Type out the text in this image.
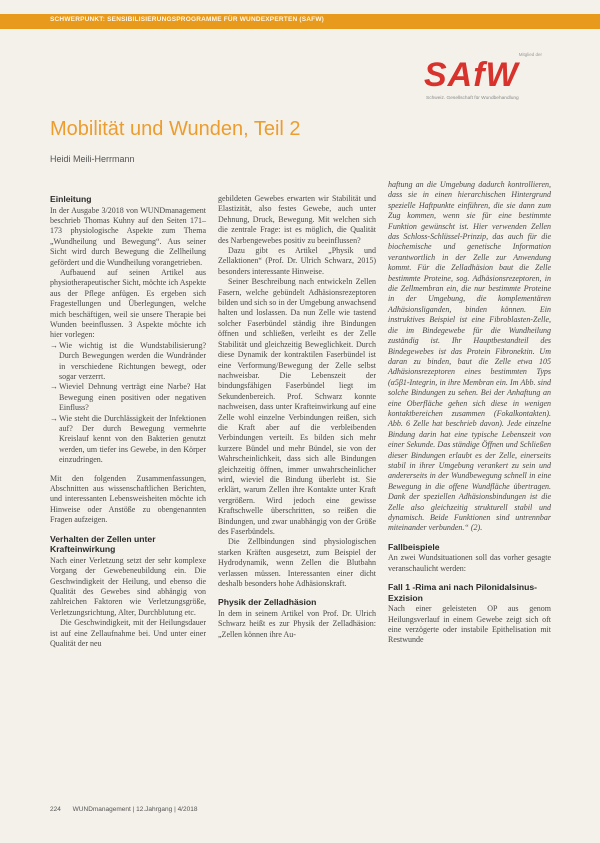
SCHWERPUNKT: SENSIBILISIERUNGSPROGRAMME FÜR WUNDEXPERTEN (SAFW)
Mitglied der
SAfW
Schweiz. Gesellschaft für Wundbehandlung
Mobilität und Wunden, Teil 2
Heidi Meili-Herrmann
Einleitung

In der Ausgabe 3/2018 von WUNDmanagement beschrieb Thomas Kuhny auf den Seiten 171–173 physiologische Aspekte zum Thema „Wundheilung und Bewegung“. Aus seiner Sicht wird durch Bewegung die Zellheilung gefördert und die Wundheilung vorangetrieben.

Aufbauend auf seinen Artikel aus physiotherapeutischer Sicht, möchte ich Aspekte aus der Pflege anfügen. Es ergeben sich Fragestellungen und Überlegungen, welche mich beschäftigen, weil sie unsere Therapie bei Wunden beeinflussen. 3 Aspekte möchte ich hier vorlegen:

→ Wie wichtig ist die Wundstabilisierung? Durch Bewegungen werden die Wundränder in verschiedene Richtungen bewegt, oder sogar verzerrt.
→ Wieviel Dehnung verträgt eine Narbe? Hat Bewegung einen positiven oder negativen Einfluss?
→ Wie steht die Durchlässigkeit der Infektionen auf? Der durch Bewegung vermehrte Kreislauf kennt von den Bakterien genutzt werden, um tiefer ins Gewebe, in den Körper einzudringen.

Mit den folgenden Zusammenfassungen, Abschnitten aus wissenschaftlichen Berichten, und interessanten Lebensweisheiten möchte ich Hinweise oder Anstöße zu obengenannten Fragen aufzeigen.

Verhalten der Zellen unter Krafteinwirkung

Nach einer Verletzung setzt der sehr komplexe Vorgang der Gewebeneubildung ein. Die Geschwindigkeit der Heilung, und ebenso die Qualität des Gewebes sind abhängig von zahlreichen Faktoren wie Verletzungsgröße, Verletzungsrichtung, Alter, Durchblutung etc.

Die Geschwindigkeit, mit der Heilungsdauer ist auf eine Zellaufnahme bei. Und unter einer Qualität der neu

gebildeten Gewebes erwarten wir Stabilität und Elastizität, also festes Gewebe, auch unter Dehnung, Druck, Bewegung. Mit welchen sich die zentrale Frage: ist es möglich, die Qualität des Narbengewebes positiv zu beeinflussen?

Dazu gibt es Artikel „Physik und Zellaktionen“ (Prof. Dr. Ulrich Schwarz, 2015) besonders interessante Hinweise.

Seiner Beschreibung nach entwickeln Zellen Fasern, welche gebündelt Adhäsionsrezeptoren bilden und sich so in der Umgebung anwachsend halten und loslassen. Da nun Zelle wie tastend solcher Faserbündel ständig ihre Bindungen öffnen und schließen, verleiht es der Zelle Stabilität und gleichzeitig Beweglichkeit. Durch diese Dynamik der kontraktilen Faserbündel ist eine Verformung/Bewegung der Zelle selbst nachweisbar. Die Lebenszeit der bindungsfähigen Faserbündel liegt im Sekundenbereich. Prof. Schwarz konnte nachweisen, dass unter Krafteinwirkung auf eine Zelle wohl einzelne Verbindungen reißen, sich die Kraft aber auf die verbleibenden Verbindungen verteilt. Es bilden sich mehr kurzere Bündel und mehr Bündel, sie von der Wahrscheinlichkeit, dass sich alle Bindungen gleichzeitig öffnen, immer unwahrscheinlicher wird, wieviel die Bindung überlebt ist. Sie erklärt, warum Zellen ihre Kontakte unter Kraft vergrößern. Wird jedoch eine gewisse Kraftschwelle überschritten, so reißen die Bindungen, und zwar unabhängig von der Größe des Faserbündels.

Die Zellbindungen sind physiologischen starken Kräften ausgesetzt, zum Beispiel der Hydrodynamik, wenn Zellen die Blutbahn verlassen müssen. Interessanten einer dicht deshalb besonders hohe Adhäsionskraft.

Physik der Zelladhäsion

In dem in seinem Artikel von Prof. Dr. Ulrich Schwarz heißt es zur Physik der Zelladhäsion: „Zellen können ihre Au-

haftung an die Umgebung dadurch kontrollieren, dass sie in einen hierarchischen Hintergrund spezielle Haftpunkte einführen, die sie dann zum Zug kommen, wenn sie für eine bestimmte Funktion gewünscht ist. Hier verwenden Zellen das Schloss-Schlüssel-Prinzip, das auch für die biochemische und genetische Information verantwortlich in der Zelle zur Anwendung kommt. Für die Zelladhäsion baut die Zelle bestimmte Proteine, sog. Adhäsionsrezeptoren, in die Zellmembran ein, die nur bestimmte Proteine in der Umgebung, die komplementären Adhäsionsliganden, binden können. Ein instruktives Beispiel ist eine Fibroblasten-Zelle, die im Bindegewebe für die Wundheilung zuständig ist. Ihr Hauptbestandteil des Bindegewebes ist das Protein Fibronektin. Um daran zu binden, baut die Zelle etwa 105 Adhäsionsrezeptoren eines bestimmten Typs (α5β1-Integrin, in ihre Membran ein. Im Abb. sind solche Bindungen zu sehen. Bei der Anhaftung an eine Oberfläche gehen sich diese in wenigen kontaktbereichen zusammen (Fokalkontakten). Abb. 6 Zelle hat beschrieb davon). Jede einzelne Bindung darin hat eine typische Lebenszeit von einer Sekunde. Das ständige Öffnen und Schließen dieser Bindungen erlaubt es der Zelle, einerseits stabil in ihrer Umgebung verankert zu sein und andererseits in der Wundbewegung schnell in eine Bewegung in die offene Wundfläche übertragen. Dank der speziellen Adhäsionsbindungen ist die Zelle also gleichzeitig strukturell stabil und dynamisch. Beide Funktionen sind untrennbar miteinander verbunden.“ (2).

Fallbeispiele

An zwei Wundsituationen soll das vorher gesagte veranschaulicht werden:

Fall 1 -Rima ani nach Pilonidalsinus-Exzision

Nach einer geleisteten OP aus genom Heilungsverlauf in einem Gewebe zeigt sich oft eine verzögerte oder instabile Epithelisation mit Restwunde

224 WUNDmanagement | 12.Jahrgang | 4/2018
